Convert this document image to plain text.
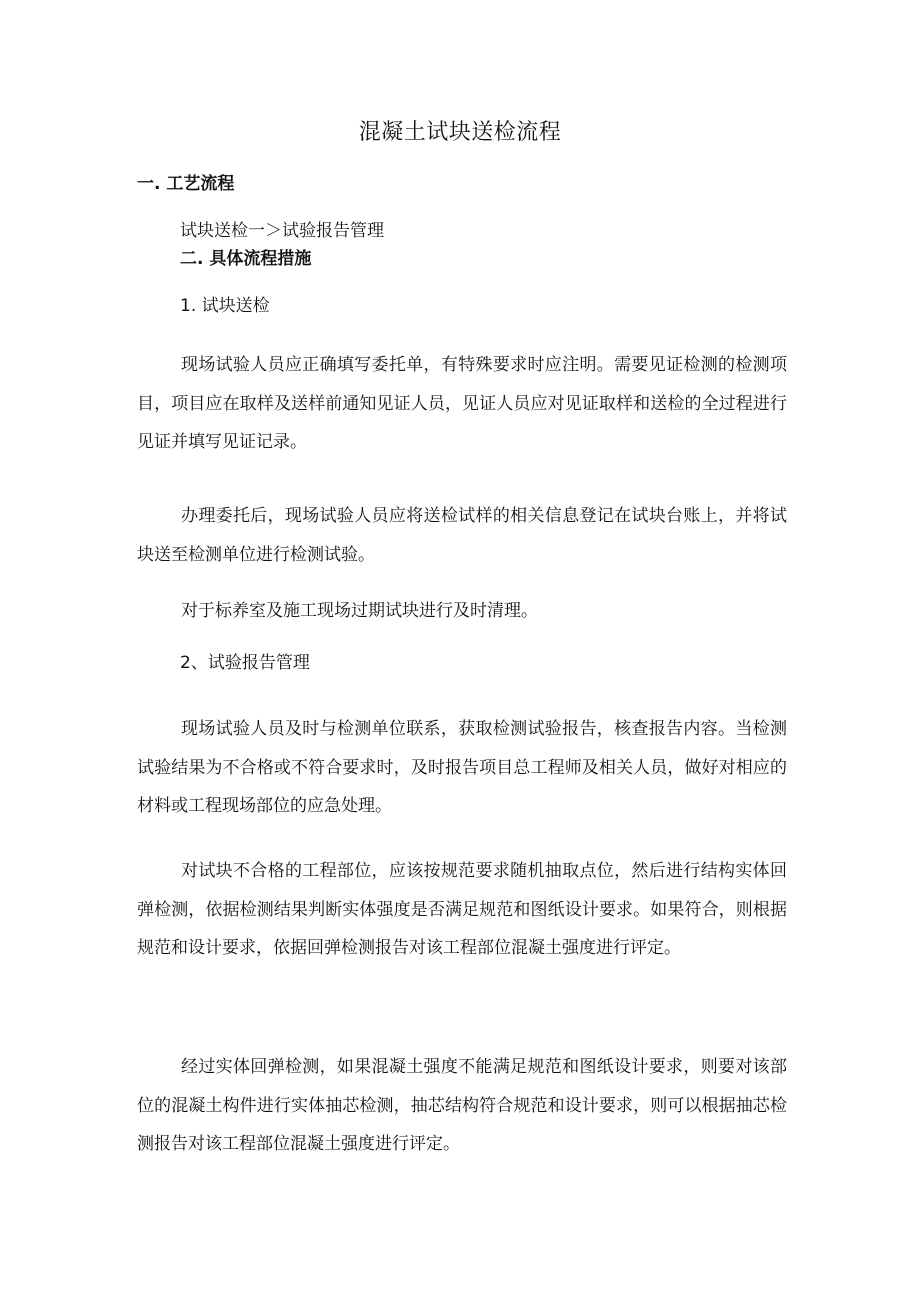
混凝土试块送检流程
一. 工艺流程
试块送检一＞试验报告管理
二. 具体流程措施
1. 试块送检

现场试验人员应正确填写委托单，有特殊要求时应注明。需要见证检测的检测项目，项目应在取样及送样前通知见证人员，见证人员应对见证取样和送检的全过程进行见证并填写见证记录。

办理委托后，现场试验人员应将送检试样的相关信息登记在试块台账上，并将试块送至检测单位进行检测试验。

对于标养室及施工现场过期试块进行及时清理。

2、试验报告管理

现场试验人员及时与检测单位联系，获取检测试验报告，核查报告内容。当检测试验结果为不合格或不符合要求时，及时报告项目总工程师及相关人员，做好对相应的材料或工程现场部位的应急处理。

对试块不合格的工程部位，应该按规范要求随机抽取点位，然后进行结构实体回弹检测，依据检测结果判断实体强度是否满足规范和图纸设计要求。如果符合，则根据规范和设计要求，依据回弹检测报告对该工程部位混凝土强度进行评定。

经过实体回弹检测，如果混凝土强度不能满足规范和图纸设计要求，则要对该部位的混凝土构件进行实体抽芯检测，抽芯结构符合规范和设计要求，则可以根据抽芯检测报告对该工程部位混凝土强度进行评定。
